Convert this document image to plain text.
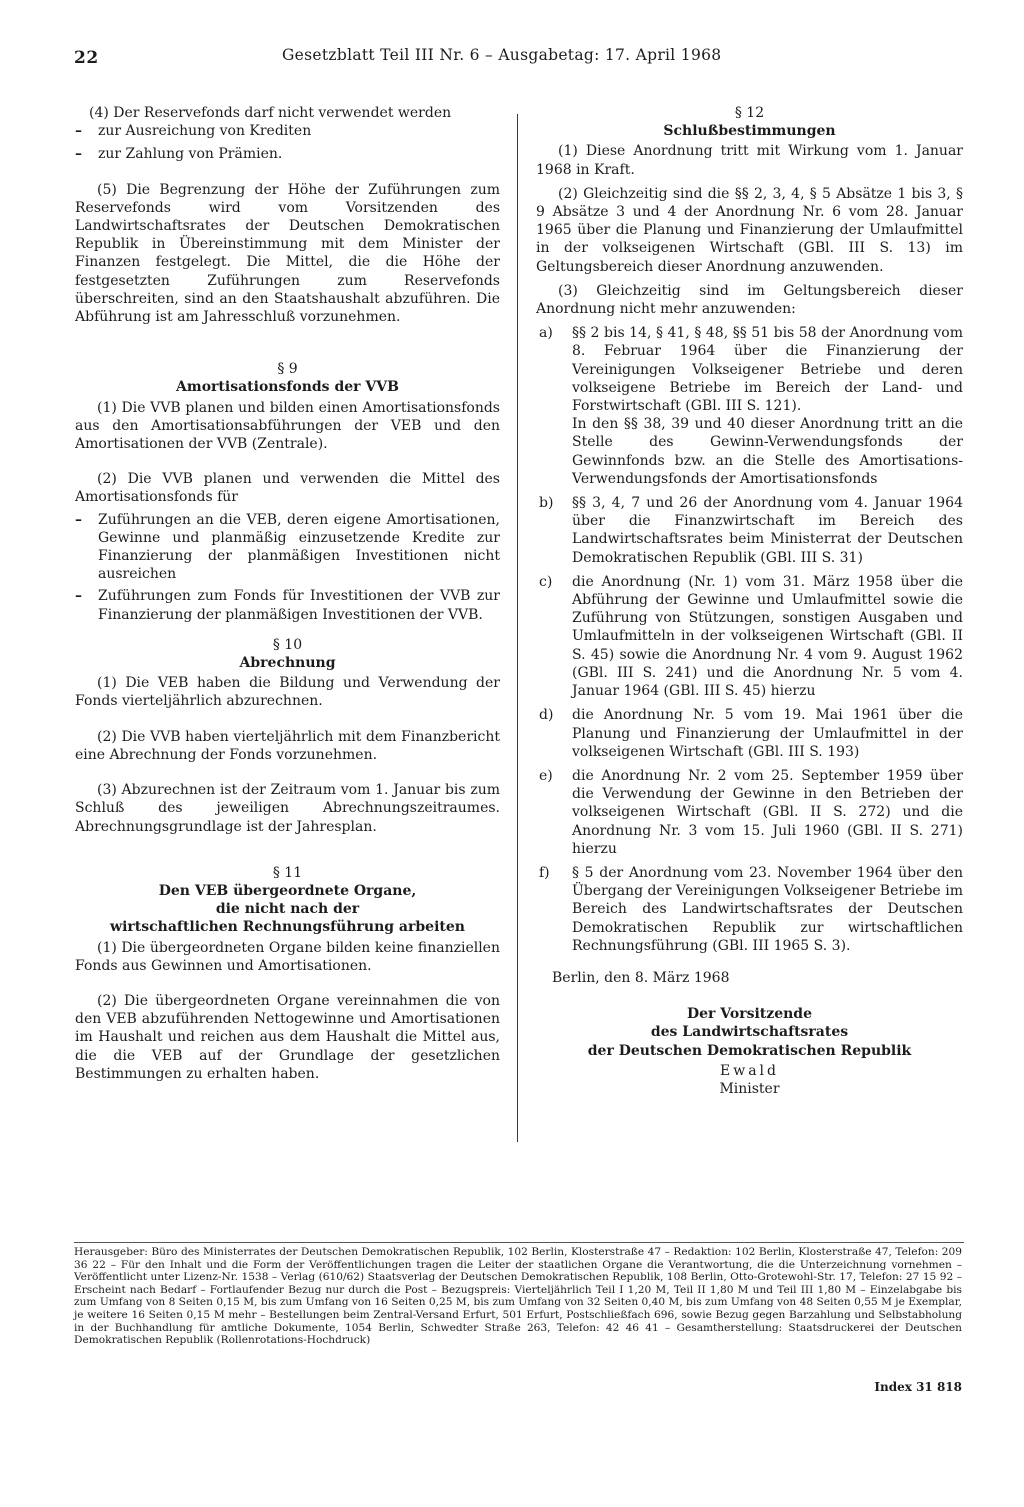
22	Gesetzblatt Teil III Nr. 6 – Ausgabetag: 17. April 1968

(4) Der Reservefonds darf nicht verwendet werden

– zur Ausreichung von Krediten
– zur Zahlung von Prämien.

(5) Die Begrenzung der Höhe der Zuführungen zum Reservefonds wird vom Vorsitzenden des Landwirtschaftsrates der Deutschen Demokratischen Republik in Übereinstimmung mit dem Minister der Finanzen festgelegt. Die Mittel, die die Höhe der festgesetzten Zuführungen zum Reservefonds überschreiten, sind an den Staatshaushalt abzuführen. Die Abführung ist am Jahresschluß vorzunehmen.

§ 9

Amortisationsfonds der VVB

(1) Die VVB planen und bilden einen Amortisationsfonds aus den Amortisationsabführungen der VEB und den Amortisationen der VVB (Zentrale).

(2) Die VVB planen und verwenden die Mittel des Amortisationsfonds für

– Zuführungen an die VEB, deren eigene Amortisationen, Gewinne und planmäßig einzusetzende Kredite zur Finanzierung der planmäßigen Investitionen nicht ausreichen
– Zuführungen zum Fonds für Investitionen der VVB zur Finanzierung der planmäßigen Investitionen der VVB.

§ 10

Abrechnung

(1) Die VEB haben die Bildung und Verwendung der Fonds vierteljährlich abzurechnen.

(2) Die VVB haben vierteljährlich mit dem Finanzbericht eine Abrechnung der Fonds vorzunehmen.

(3) Abzurechnen ist der Zeitraum vom 1. Januar bis zum Schluß des jeweiligen Abrechnungszeitraumes. Abrechnungsgrundlage ist der Jahresplan.

§ 11

Den VEB übergeordnete Organe,

die nicht nach der

wirtschaftlichen Rechnungsführung arbeiten

(1) Die übergeordneten Organe bilden keine finanziellen Fonds aus Gewinnen und Amortisationen.

(2) Die übergeordneten Organe vereinnahmen die von den VEB abzuführenden Nettogewinne und Amortisationen im Haushalt und reichen aus dem Haushalt die Mittel aus, die die VEB auf der Grundlage der gesetzlichen Bestimmungen zu erhalten haben.

§ 12

Schlußbestimmungen

(1) Diese Anordnung tritt mit Wirkung vom 1. Januar 1968 in Kraft.

(2) Gleichzeitig sind die §§ 2, 3, 4, § 5 Absätze 1 bis 3, § 9 Absätze 3 und 4 der Anordnung Nr. 6 vom 28. Januar 1965 über die Planung und Finanzierung der Umlaufmittel in der volkseigenen Wirtschaft (GBl. III S. 13) im Geltungsbereich dieser Anordnung anzuwenden.

(3) Gleichzeitig sind im Geltungsbereich dieser Anordnung nicht mehr anzuwenden:

a) §§ 2 bis 14, § 41, § 48, §§ 51 bis 58 der Anordnung vom 8. Februar 1964 über die Finanzierung der Vereinigungen Volkseigener Betriebe und deren volkseigene Betriebe im Bereich der Land- und Forstwirtschaft (GBl. III S. 121).

In den §§ 38, 39 und 40 dieser Anordnung tritt an die Stelle des Gewinn-Verwendungsfonds der Gewinnfonds bzw. an die Stelle des Amortisations-Verwendungsfonds der Amortisationsfonds

b) §§ 3, 4, 7 und 26 der Anordnung vom 4. Januar 1964 über die Finanzwirtschaft im Bereich des Landwirtschaftsrates beim Ministerrat der Deutschen Demokratischen Republik (GBl. III S. 31)

c) die Anordnung (Nr. 1) vom 31. März 1958 über die Abführung der Gewinne und Umlaufmittel sowie die Zuführung von Stützungen, sonstigen Ausgaben und Umlaufmitteln in der volkseigenen Wirtschaft (GBl. II S. 45) sowie die Anordnung Nr. 4 vom 9. August 1962 (GBl. III S. 241) und die Anordnung Nr. 5 vom 4. Januar 1964 (GBl. III S. 45) hierzu

d) die Anordnung Nr. 5 vom 19. Mai 1961 über die Planung und Finanzierung der Umlaufmittel in der volkseigenen Wirtschaft (GBl. III S. 193)

e) die Anordnung Nr. 2 vom 25. September 1959 über die Verwendung der Gewinne in den Betrieben der volkseigenen Wirtschaft (GBl. II S. 272) und die Anordnung Nr. 3 vom 15. Juli 1960 (GBl. II S. 271) hierzu

f) § 5 der Anordnung vom 23. November 1964 über den Übergang der Vereinigungen Volkseigener Betriebe im Bereich des Landwirtschaftsrates der Deutschen Demokratischen Republik zur wirtschaftlichen Rechnungsführung (GBl. III 1965 S. 3).

Berlin, den 8. März 1968

Der Vorsitzende

des Landwirtschaftsrates

der Deutschen Demokratischen Republik

Ewald

Minister

Herausgeber: Büro des Ministerrates der Deutschen Demokratischen Republik, 102 Berlin, Klosterstraße 47 – Redaktion: 102 Berlin, Klosterstraße 47, Telefon: 209 36 22 – Für den Inhalt und die Form der Veröffentlichungen tragen die Leiter der staatlichen Organe die Verantwortung, die die Unterzeichnung vornehmen – Veröffentlicht unter Lizenz-Nr. 1538 – Verlag (610/62) Staatsverlag der Deutschen Demokratischen Republik, 108 Berlin, Otto-Grotewohl-Str. 17, Telefon: 27 15 92 – Erscheint nach Bedarf – Fortlaufender Bezug nur durch die Post – Bezugspreis: Vierteljährlich Teil I 1,20 M, Teil II 1,80 M und Teil III 1,80 M – Einzelabgabe bis zum Umfang von 8 Seiten 0,15 M, bis zum Umfang von 16 Seiten 0,25 M, bis zum Umfang von 32 Seiten 0,40 M, bis zum Umfang von 48 Seiten 0,55 M je Exemplar, je weitere 16 Seiten 0,15 M mehr – Bestellungen beim Zentral-Versand Erfurt, 501 Erfurt, Postschließfach 696, sowie Bezug gegen Barzahlung und Selbstabholung in der Buchhandlung für amtliche Dokumente, 1054 Berlin, Schwedter Straße 263, Telefon: 42 46 41 – Gesamtherstellung: Staatsdruckerei der Deutschen Demokratischen Republik (Rollenrotations-Hochdruck)
Index 31 818
